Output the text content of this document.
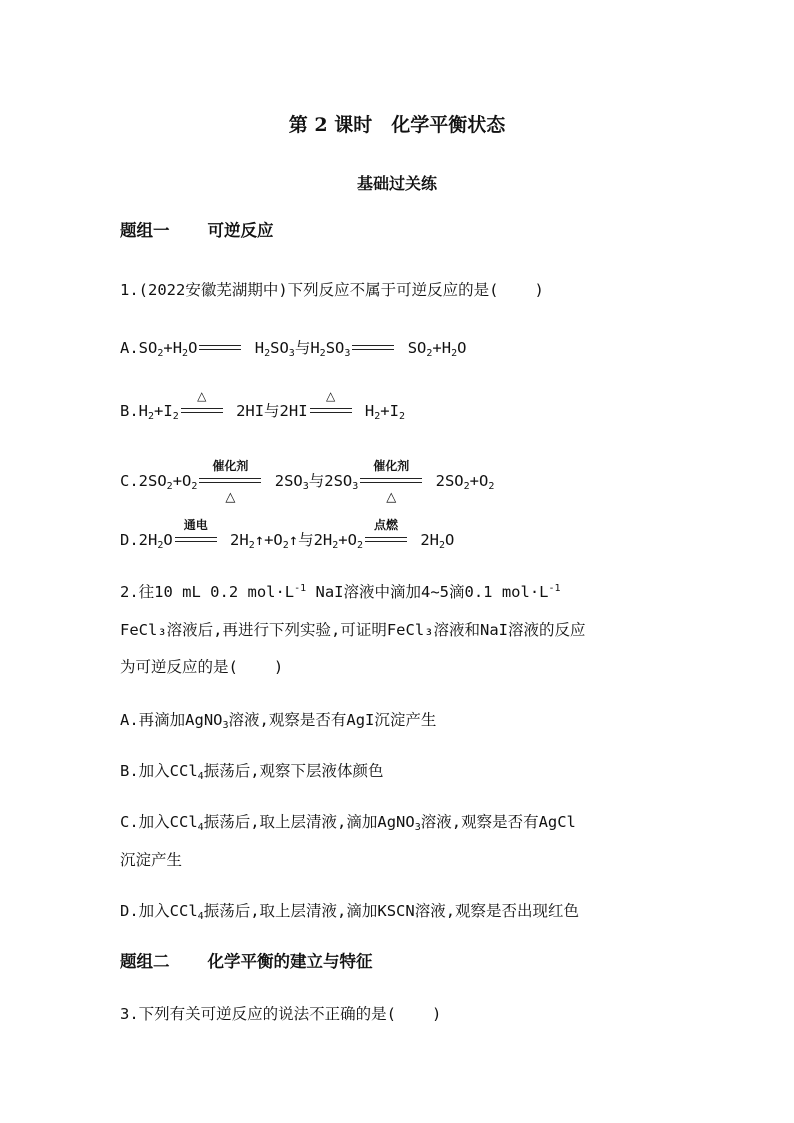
第 2 课时　化学平衡状态
基础过关练
题组一 可逆反应
1.(2022安徽芜湖期中)下列反应不属于可逆反应的是( )
$A.SO_2+H_2O$	$H_2SO_3$与$H_2SO_3$	$SO_2+H_2O$
$B.H_2+I_2$
△
2HI与2HI
△
$H_2+I_2$
$C.2SO_2+O_2$
催化剂
△
$2SO_3$与$2SO_3$
催化剂
△
$2SO_2+O_2$
$D.2H_2O$
通电
$2H_2↑+O_2↑$与$2H_2+O_2$
点燃
$2H_2O$
2.往10 mL 0.2 $mol\cdot L^{-1}$ NaI溶液中滴加4~5滴0.1 $mol\cdot L^{-1}$
FeCl₃溶液后,再进行下列实验,可证明FeCl₃溶液和NaI溶液的反应
为可逆反应的是( )
A.再滴加AgNO$_3$溶液,观察是否有AgI沉淀产生
B.加入CCl$_4$振荡后,观察下层液体颜色
C.加入CCl$_4$振荡后,取上层清液,滴加AgNO$_3$溶液,观察是否有AgCl
沉淀产生
D.加入CCl$_4$振荡后,取上层清液,滴加KSCN溶液,观察是否出现红色
题组二 化学平衡的建立与特征
3.下列有关可逆反应的说法不正确的是( )
